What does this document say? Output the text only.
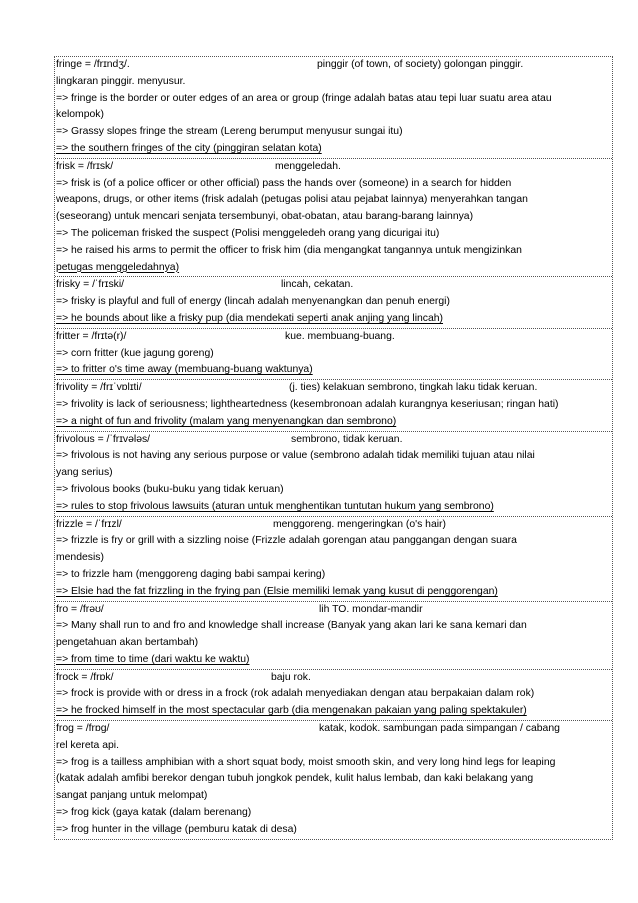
fringe = /frɪndʒ/.	pinggir (of town, of society) golongan pinggir.
lingkaran pinggir. menyusur.
=> fringe is the border or outer edges of an area or group (fringe adalah batas atau tepi luar suatu area atau
kelompok)
=> Grassy slopes fringe the stream (Lereng berumput menyusur sungai itu)
=> the southern fringes of the city (pinggiran selatan kota)
frisk = /frɪsk/	menggeledah.
=> frisk is (of a police officer or other official) pass the hands over (someone) in a search for hidden
weapons, drugs, or other items (frisk adalah (petugas polisi atau pejabat lainnya) menyerahkan tangan
(seseorang) untuk mencari senjata tersembunyi, obat-obatan, atau barang-barang lainnya)
=> The policeman frisked the suspect (Polisi menggeledeh orang yang dicurigai itu)
=> he raised his arms to permit the officer to frisk him (dia mengangkat tangannya untuk mengizinkan
petugas menggeledahnya)
frisky = /ˈfrɪski/	lincah, cekatan.
=> frisky is playful and full of energy (lincah adalah menyenangkan dan penuh energi)
=> he bounds about like a frisky pup (dia mendekati seperti anak anjing yang lincah)
fritter = /frɪtə(r)/	kue. membuang-buang.
=> corn fritter (kue jagung goreng)
=> to fritter o's time away (membuang-buang waktunya)
frivolity = /frɪˈvɒlɪti/	(j. ties) kelakuan sembrono, tingkah laku tidak keruan.
=> frivolity is lack of seriousness; lightheartedness (kesembronoan adalah kurangnya keseriusan; ringan hati)
=> a night of fun and frivolity (malam yang menyenangkan dan sembrono)
frivolous = /ˈfrɪvələs/	sembrono, tidak keruan.
=> frivolous is not having any serious purpose or value (sembrono adalah tidak memiliki tujuan atau nilai
yang serius)
=> frivolous books (buku-buku yang tidak keruan)
=> rules to stop frivolous lawsuits (aturan untuk menghentikan tuntutan hukum yang sembrono)
frizzle = /ˈfrɪzl/	menggoreng. mengeringkan (o's hair)
=> frizzle is fry or grill with a sizzling noise (Frizzle adalah gorengan atau panggangan dengan suara
mendesis)
=> to frizzle ham (menggoreng daging babi sampai kering)
=> Elsie had the fat frizzling in the frying pan (Elsie memiliki lemak yang kusut di penggorengan)
fro = /frəʊ/	lih TO. mondar-mandir
=> Many shall run to and fro and knowledge shall increase (Banyak yang akan lari ke sana kemari dan
pengetahuan akan bertambah)
=> from time to time (dari waktu ke waktu)
frock = /frɒk/	baju rok.
=> frock is provide with or dress in a frock (rok adalah menyediakan dengan atau berpakaian dalam rok)
=> he frocked himself in the most spectacular garb (dia mengenakan pakaian yang paling spektakuler)
frog = /frɒg/	katak, kodok. sambungan pada simpangan / cabang
rel kereta api.
=> frog is a tailless amphibian with a short squat body, moist smooth skin, and very long hind legs for leaping
(katak adalah amfibi berekor dengan tubuh jongkok pendek, kulit halus lembab, dan kaki belakang yang
sangat panjang untuk melompat)
=> frog kick (gaya katak (dalam berenang)
=> frog hunter in the village (pemburu katak di desa)
